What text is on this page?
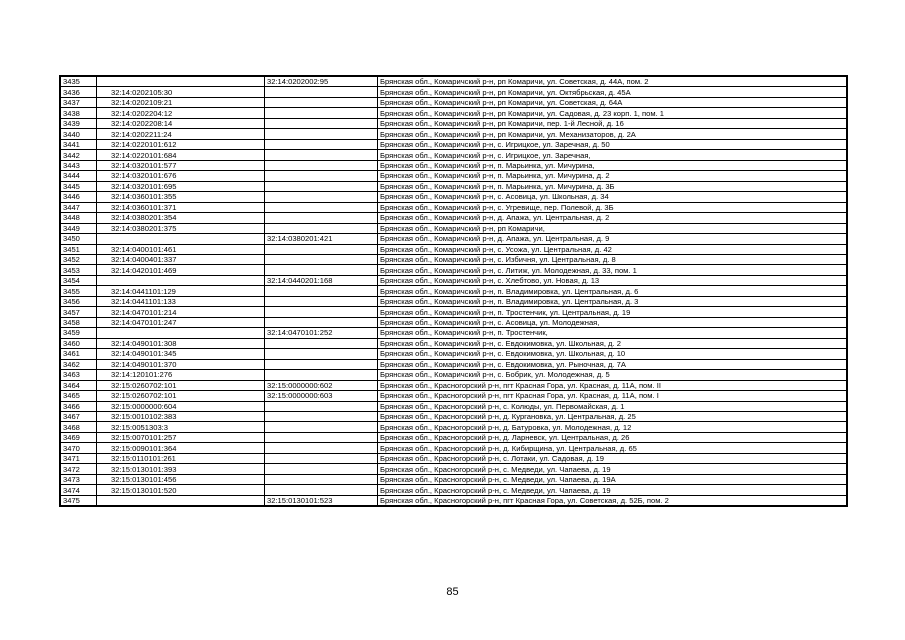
3435		32:14:0202002:95	Брянская обл., Комаричский р-н, рп Комаричи, ул. Советская, д. 44А, пом. 2
3436	32:14:0202105:30		Брянская обл., Комаричский р-н, рп Комаричи, ул. Октябрьская, д. 45А
3437	32:14:0202109:21		Брянская обл., Комаричский р-н, рп Комаричи, ул. Советская, д. 64А
3438	32:14:0202204:12		Брянская обл., Комаричский р-н, рп Комаричи, ул. Садовая, д. 23 корп. 1, пом. 1
3439	32:14:0202208:14		Брянская обл., Комаричский р-н, рп Комаричи, пер. 1-й Лесной, д. 16
3440	32:14:0202211:24		Брянская обл., Комаричский р-н, рп Комаричи, ул. Механизаторов, д. 2А
3441	32:14:0220101:612		Брянская обл., Комаричский р-н, с. Игрицкое, ул. Заречная, д. 50
3442	32:14:0220101:684		Брянская обл., Комаричский р-н, с. Игрицкое, ул. Заречная,
3443	32:14:0320101:577		Брянская обл., Комаричский р-н, п. Марьинка, ул. Мичурина,
3444	32:14:0320101:676		Брянская обл., Комаричский р-н, п. Марьинка, ул. Мичурина, д. 2
3445	32:14:0320101:695		Брянская обл., Комаричский р-н, п. Марьинка, ул. Мичурина, д. 3Б
3446	32:14:0360101:355		Брянская обл., Комаричский р-н, с. Асовица, ул. Школьная, д. 34
3447	32:14:0360101:371		Брянская обл., Комаричский р-н, с. Угревище, пер. Полевой, д. 3Б
3448	32:14:0380201:354		Брянская обл., Комаричский р-н, д. Апажа, ул. Центральная, д. 2
3449	32:14:0380201:375		Брянская обл., Комаричский р-н, рп Комаричи,
3450		32:14:0380201:421	Брянская обл., Комаричский р-н, д. Апажа, ул. Центральная, д. 9
3451	32:14:0400101:461		Брянская обл., Комаричский р-н, с. Усожа, ул. Центральная, д. 42
3452	32:14:0400401:337		Брянская обл., Комаричский р-н, с. Избичня, ул. Центральная, д. 8
3453	32:14:0420101:469		Брянская обл., Комаричский р-н, с. Литиж, ул. Молодежная, д. 33, пом. 1
3454		32:14:0440201:168	Брянская обл., Комаричский р-н, с. Хлебтово, ул. Новая, д. 13
3455	32:14:0441101:129		Брянская обл., Комаричский р-н, п. Владимировка, ул. Центральная, д. 6
3456	32:14:0441101:133		Брянская обл., Комаричский р-н, п. Владимировка, ул. Центральная, д. 3
3457	32:14:0470101:214		Брянская обл., Комаричский р-н, п. Тростенчик, ул. Центральная, д. 19
3458	32:14:0470101:247		Брянская обл., Комаричский р-н, с. Асовица, ул. Молодежная,
3459		32:14:0470101:252	Брянская обл., Комаричский р-н, п. Тростенчик,
3460	32:14:0490101:308		Брянская обл., Комаричский р-н, с. Евдокимовка, ул. Школьная, д. 2
3461	32:14:0490101:345		Брянская обл., Комаричский р-н, с. Евдокимовка, ул. Школьная, д. 10
3462	32:14:0490101:370		Брянская обл., Комаричский р-н, с. Евдокимовка, ул. Рыночная, д. 7А
3463	32:14:120101:276		Брянская обл., Комаричский р-н, с. Бобрик, ул. Молодежная, д. 5
3464	32:15:0260702:101	32:15:0000000:602	Брянская обл., Красногорский р-н, пгт Красная Гора, ул. Красная, д. 11А, пом. II
3465	32:15:0260702:101	32:15:0000000:603	Брянская обл., Красногорский р-н, пгт Красная Гора, ул. Красная, д. 11А, пом. I
3466	32:15:0000000:604		Брянская обл., Красногорский р-н, с. Колюды, ул. Первомайская, д. 1
3467	32:15:0010102:383		Брянская обл., Красногорский р-н, д. Кургановка, ул. Центральная, д. 25
3468	32:15:0051303:3		Брянская обл., Красногорский р-н, д. Батуровка, ул. Молодежная, д. 12
3469	32:15:0070101:257		Брянская обл., Красногорский р-н, д. Ларневск, ул. Центральная, д. 26
3470	32:15:0090101:364		Брянская обл., Красногорский р-н, д. Кибирщина, ул. Центральная, д. 65
3471	32:15:0110101:261		Брянская обл., Красногорский р-н, с. Лотаки, ул. Садовая, д. 19
3472	32:15:0130101:393		Брянская обл., Красногорский р-н, с. Медведи, ул. Чапаева, д. 19
3473	32:15:0130101:456		Брянская обл., Красногорский р-н, с. Медведи, ул. Чапаева, д. 19А
3474	32:15:0130101:520		Брянская обл., Красногорский р-н, с. Медведи, ул. Чапаева, д. 19
3475		32:15:0130101:523	Брянская обл., Красногорский р-н, пгт Красная Гора, ул. Советская, д. 52Б, пом. 2
85
